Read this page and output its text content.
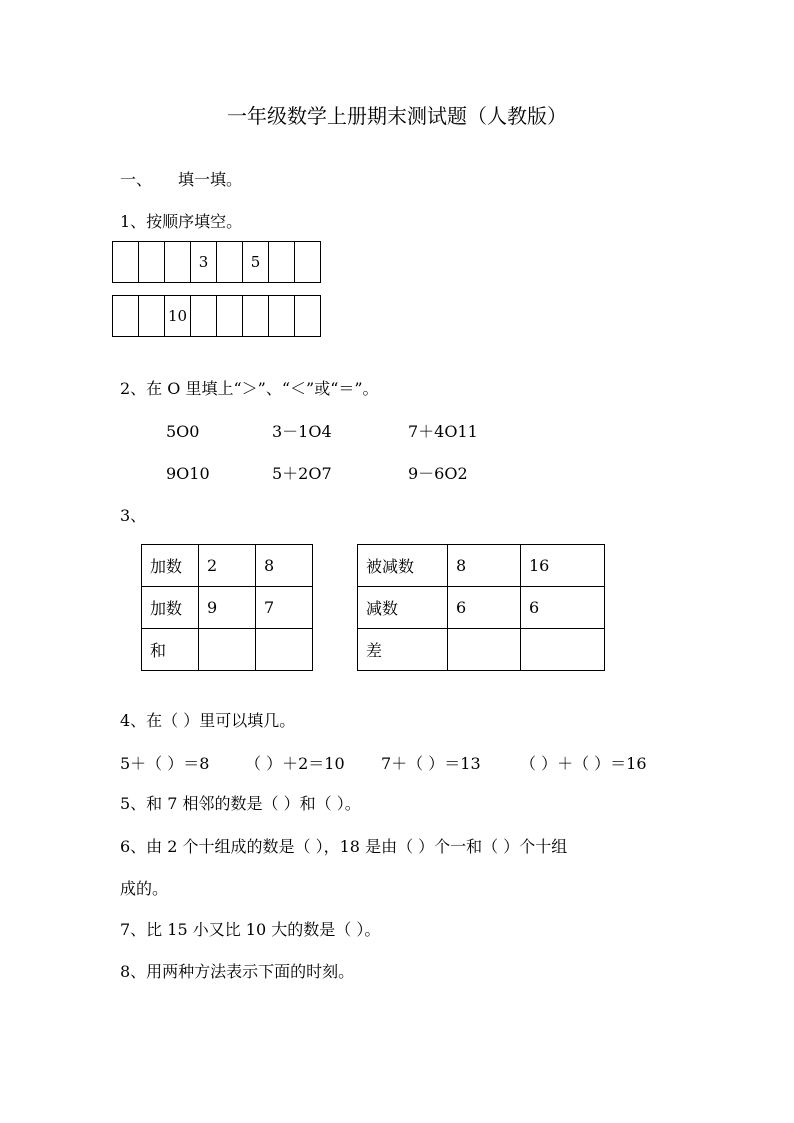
一年级数学上册期末测试题（人教版）
一、 填一填。
1、按顺序填空。
			3		5		
		10					
2、在 O 里填上“＞”、“＜”或“＝”。
5O0	3－1O4	7＋4O11
9O10	5＋2O7	9－6O2
3、
加数	2	8
加数	9	7
和		
被减数	8	16
减数	6	6
差		
4、在（ ）里可以填几。
5＋（ ）＝8 （ ）＋2＝10 7＋（ ）＝13 （ ）＋（ ）＝16
5、和 7 相邻的数是（ ）和（ ）。
6、由 2 个十组成的数是（ ），18 是由（ ）个一和（ ）个十组
成的。
7、比 15 小又比 10 大的数是（ ）。
8、用两种方法表示下面的时刻。
